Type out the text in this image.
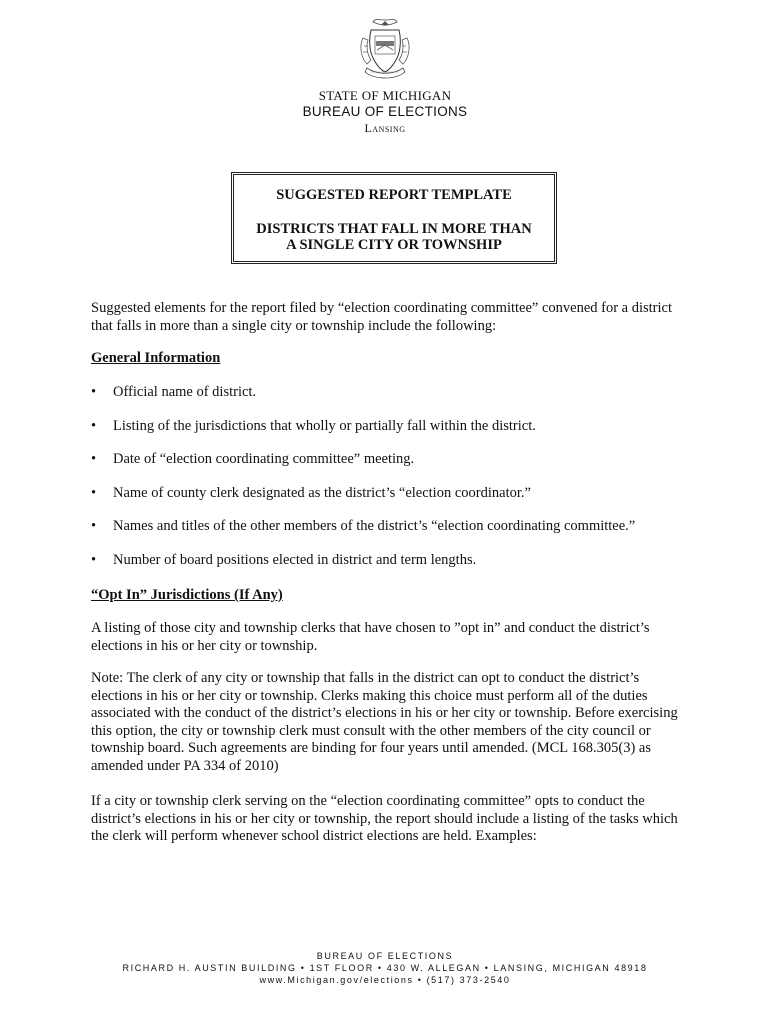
STATE OF MICHIGAN
BUREAU OF ELECTIONS
Lansing
SUGGESTED REPORT TEMPLATE
DISTRICTS THAT FALL IN MORE THAN
A SINGLE CITY OR TOWNSHIP
Suggested elements for the report filed by “election coordinating committee” convened for a district that falls in more than a single city or township include the following:
General Information
• Official name of district.
• Listing of the jurisdictions that wholly or partially fall within the district.
• Date of “election coordinating committee” meeting.
• Name of county clerk designated as the district’s “election coordinator.”
• Names and titles of the other members of the district’s “election coordinating committee.”
• Number of board positions elected in district and term lengths.
“Opt In” Jurisdictions (If Any)
A listing of those city and township clerks that have chosen to ”opt in” and conduct the district’s elections in his or her city or township.
Note: The clerk of any city or township that falls in the district can opt to conduct the district’s elections in his or her city or township. Clerks making this choice must perform all of the duties associated with the conduct of the district’s elections in his or her city or township. Before exercising this option, the city or township clerk must consult with the other members of the city council or township board. Such agreements are binding for four years until amended. (MCL 168.305(3) as amended under PA 334 of 2010)
If a city or township clerk serving on the “election coordinating committee” opts to conduct the district’s elections in his or her city or township, the report should include a listing of the tasks which the clerk will perform whenever school district elections are held. Examples:
BUREAU OF ELECTIONS
RICHARD H. AUSTIN BUILDING • 1ST FLOOR • 430 W. ALLEGAN • LANSING, MICHIGAN 48918
www.Michigan.gov/elections • (517) 373-2540
